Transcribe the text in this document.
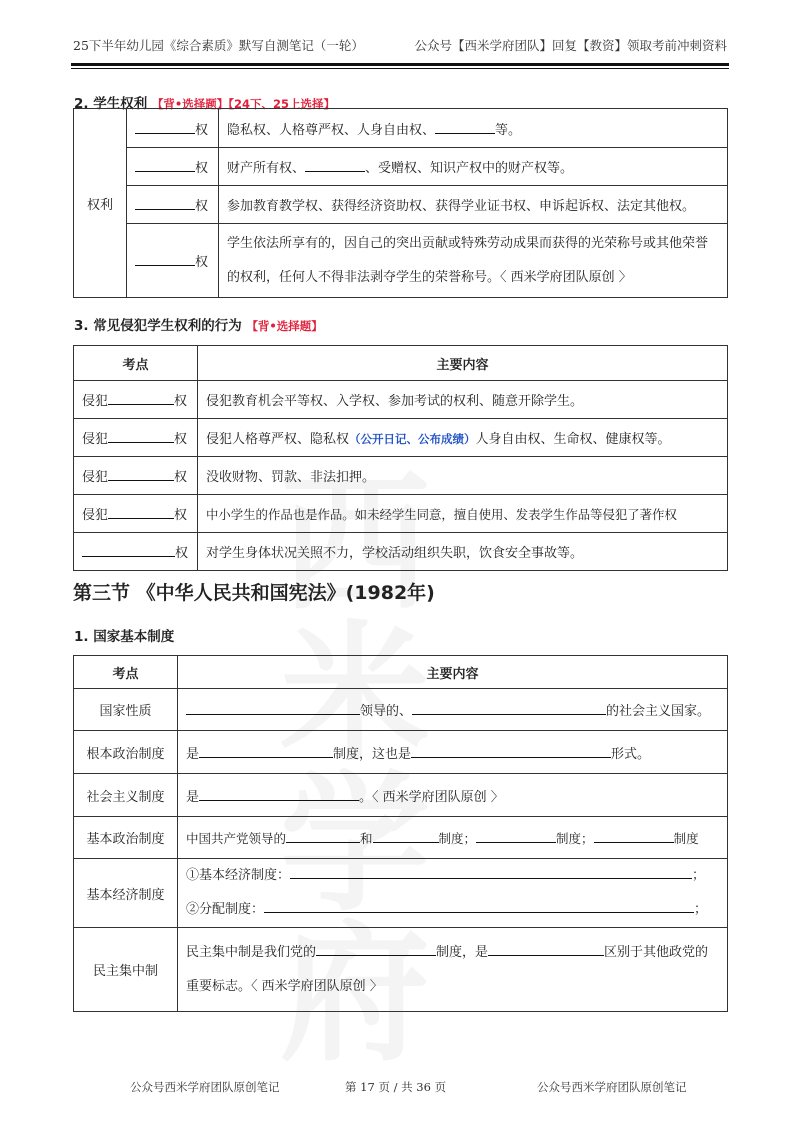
25下半年幼儿园《综合素质》默写自测笔记（一轮）	公众号【西米学府团队】回复【教资】领取考前冲刺资料
2. 学生权利 【背•选择题】【24下、25上选择】
权利	权	隐私权、人格尊严权、人身自由权、 等。
	权	财产所有权、 、受赠权、知识产权中的财产权等。
	权	参加教育教学权、获得经济资助权、获得学业证书权、申诉起诉权、法定其他权。
	权	学生依法所享有的，因自己的突出贡献或特殊劳动成果而获得的光荣称号或其他荣誉的权利，任何人不得非法剥夺学生的荣誉称号。〈 西米学府团队原创 〉
3. 常见侵犯学生权利的行为 【背•选择题】
考点	主要内容
侵犯 权	侵犯教育机会平等权、入学权、参加考试的权利、随意开除学生。
侵犯 权	侵犯人格尊严权、隐私权（公开日记、公布成绩）人身自由权、生命权、健康权等。
侵犯 权	没收财物、罚款、非法扣押。
侵犯 权	中小学生的作品也是作品。如未经学生同意，擅自使用、发表学生作品等侵犯了著作权
权	对学生身体状况关照不力，学校活动组织失职，饮食安全事故等。
第三节 《中华人民共和国宪法》(1982年)
1. 国家基本制度
考点	主要内容
国家性质	领导的、 的社会主义国家。
根本政治制度	是 制度，这也是 形式。
社会主义制度	是 。〈 西米学府团队原创 〉
基本政治制度	中国共产党领导的 和 制度； 制度； 制度
基本经济制度	①基本经济制度： ；
②分配制度： ；

民主集中制	民主集中制是我们党的 制度，是 区别于其他政党的重要标志。〈 西米学府团队原创 〉
公众号西米学府团队原创笔记	第 17 页 / 共 36 页	公众号西米学府团队原创笔记
